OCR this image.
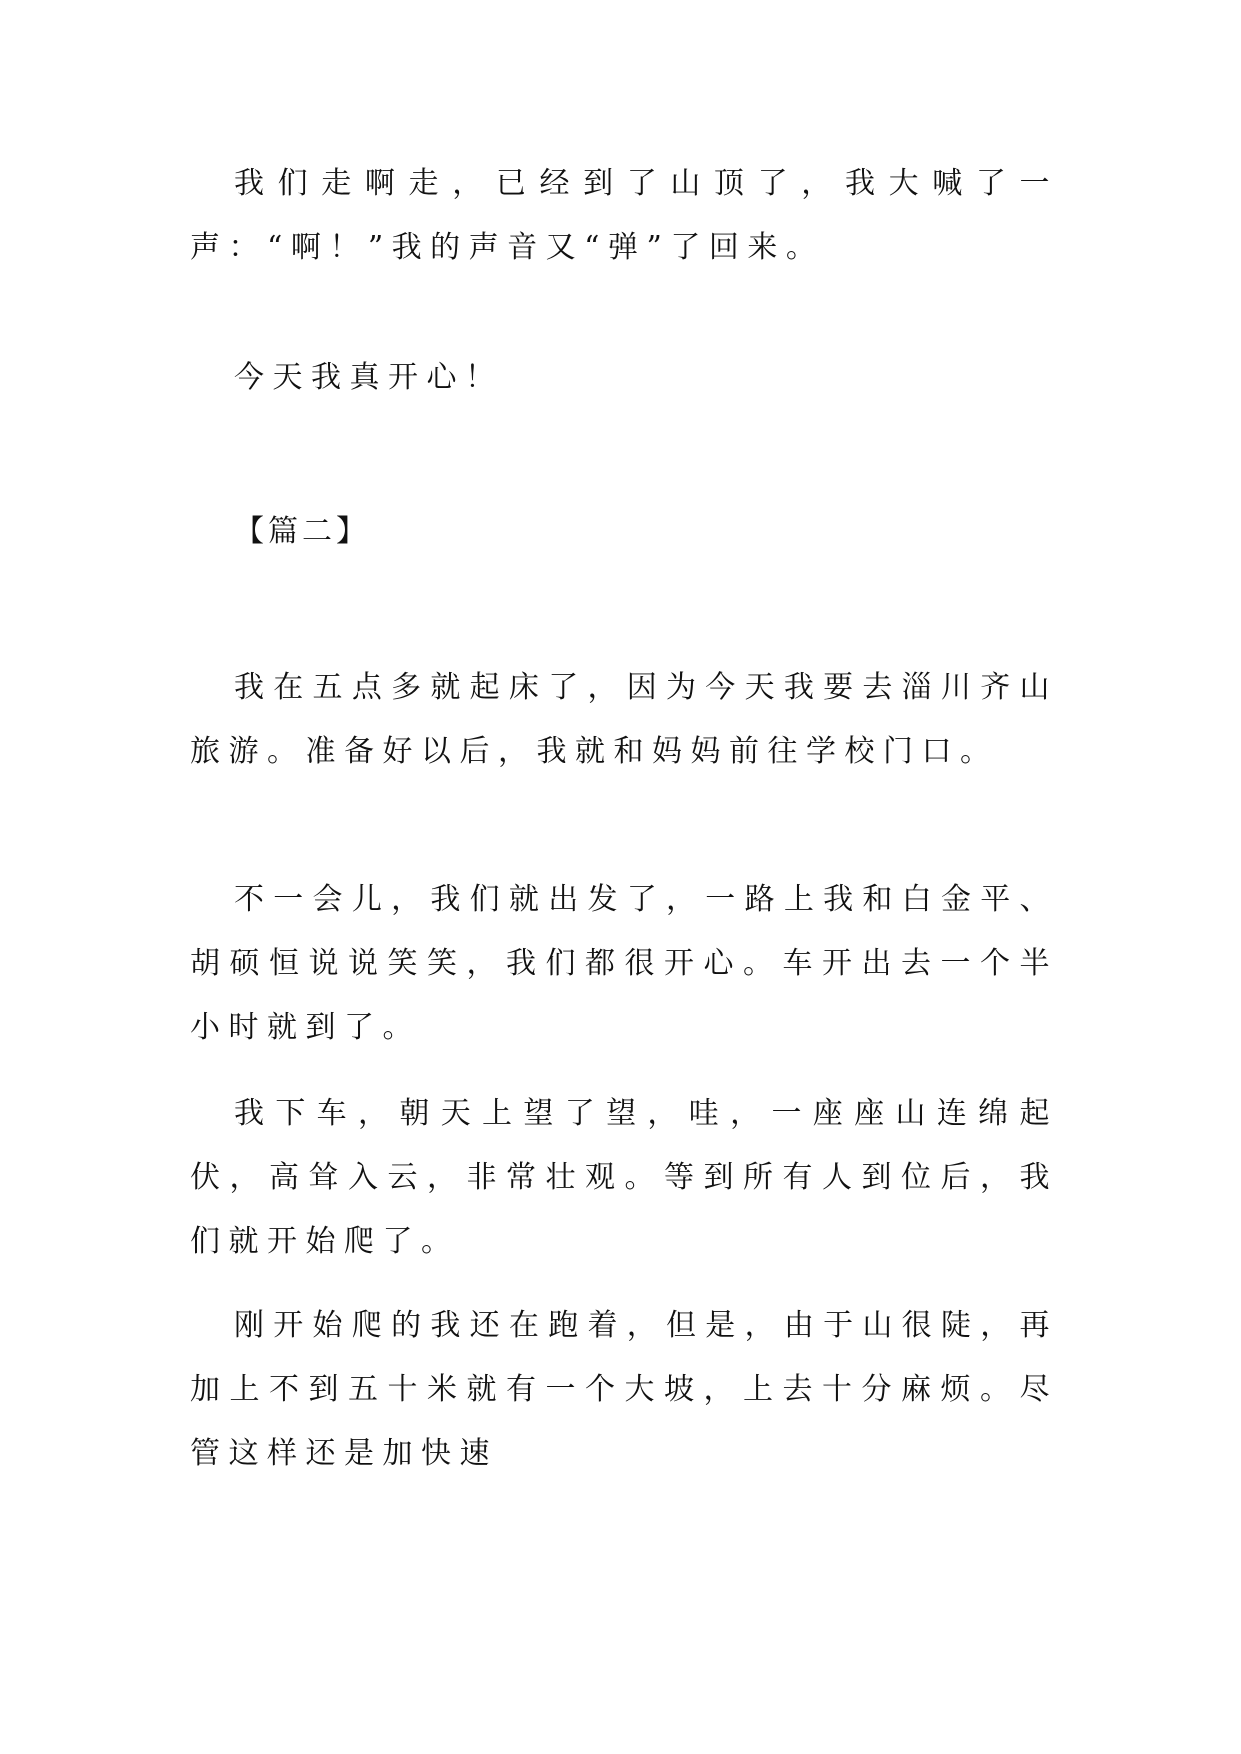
我们走啊走，已经到了山顶了，我大喊了一声：“啊！”我的声音又“弹”了回来。

今天我真开心！

【篇二】

我在五点多就起床了，因为今天我要去淄川齐山旅游。准备好以后，我就和妈妈前往学校门口。

不一会儿，我们就出发了，一路上我和白金平、胡硕恒说说笑笑，我们都很开心。车开出去一个半小时就到了。

我下车，朝天上望了望，哇，一座座山连绵起伏，高耸入云，非常壮观。等到所有人到位后，我们就开始爬了。

刚开始爬的我还在跑着，但是，由于山很陡，再加上不到五十米就有一个大坡，上去十分麻烦。尽管这样还是加快速
